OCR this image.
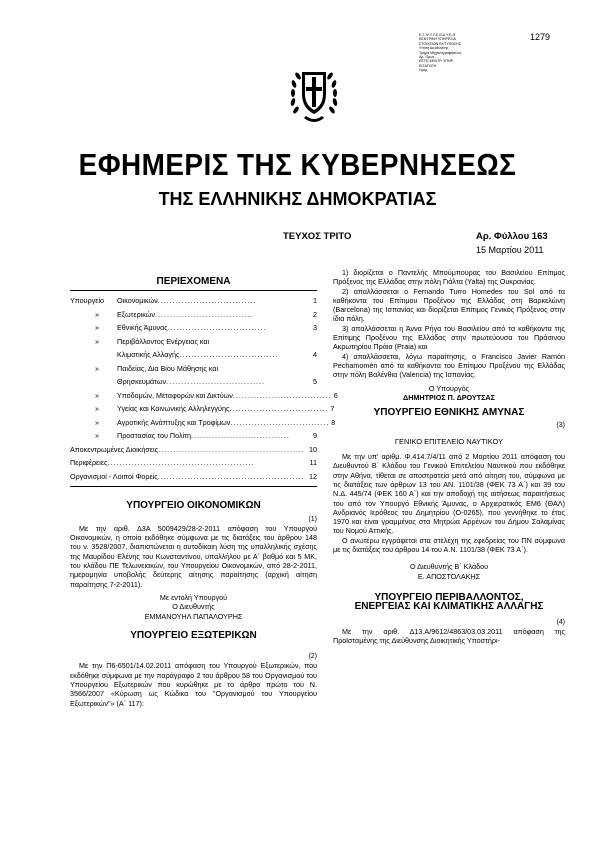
Ε.Ξ.Ψ.Υ.Υ.Ε.Θ.Α.Υ.Ε.Θ
ΚΕΝΤΡΙΚΗ ΥΠΗΡΕΣΙΑ
ΣΤΟΙΧΕΙΩΝ ΕΚΤΥΠΩΣΗΣ
Υπ/ση Διεύθυνσης
Τμήμα Μηχανογραφήσεως
Αρ. Πρωτ. ...
ΕΕΤΕ-ΚΕΝΤΡ. ΥΠΗΡ.
ΕΙΣΑΓΩΓΗ
Ημερ.
1279
ΕΦΗΜΕΡΙΣ ΤΗΣ ΚΥΒΕΡΝΗΣΕΩΣ
ΤΗΣ ΕΛΛΗΝΙΚΗΣ ΔΗΜΟΚΡΑΤΙΑΣ
ΤΕΥΧΟΣ ΤΡΙΤΟ	Αρ. Φύλλου 163
15 Μαρτίου 2011
ΠΕΡΙΕΧΟΜΕΝΑ
Υπουργείο	Οικονομικών .................................	1
»	Εξωτερικών .................................	2
»	Εθνικής Άμυνας .................................	3
»	Περιβάλλοντος Ενέργειας και
Κλιματικής Αλλαγής .................................	4
»	Παιδείας, Δια Βίου Μάθησης και
Θρησκευμάτων .................................	5
»	Υποδομών, Μεταφορών και Δικτύων ................................. 6
»	Υγείας και Κοινωνικής Αλληλεγγύης ................................. 7
»	Αγροτικής Ανάπτυξης και Τροφίμων ................................. 8
»	Προστασίας του Πολίτη .................................	9
Αποκεντρωμένες Διοικήσεις ................................................. 10
Περιφέρειες .................................................	11
Οργανισμοί - Λοιποί Φορείς ................................................. 12
ΥΠΟΥΡΓΕΙΟ ΟΙΚΟΝΟΜΙΚΩΝ
(1)

Με την αριθ. Δ3Α 5009429/28-2-2011 απόφαση του Υπουργού Οικονομικών, η οποία εκδόθηκε σύμφωνα με τις διατάξεις του άρθρου 148 του ν. 3528/2007, διαπιστώνεται η αυτοδίκαιη λύση της υπαλληλικής σχέσης της Μαυρίδου Ελένης του Κωνσταντίνου, υπαλλήλου με Α΄ βαθμό και 5 ΜΚ, του κλάδου ΠΕ Τελωνειακών, του Υπουργείου Οικονομικών, από 28-2-2011, ημερομηνία υποβολής δεύτερης αίτησης παραίτησης (αρχική αίτηση παραίτησης 7-2-2011).

Με εντολή Υπουργού
Ο Διευθυντής
ΕΜΜΑΝΟΥΗΛ ΠΑΠΑΛΟΥΡΗΣ
ΥΠΟΥΡΓΕΙΟ ΕΞΩΤΕΡΙΚΩΝ
(2)

Με την Π6-6501/14.02.2011 απόφαση του Υπουργού Εξωτερικών, που εκδόθηκε σύμφωνα με την παράγραφο 2 του άρθρου 58 του Οργανισμού του Υπουργείου Εξωτερικών που κυρώθηκε με το άρθρο πρώτο του Ν. 3566/2007 «Κύρωση ως Κώδικα του "Οργανισμού του Υπουργείου Εξωτερικών"» (Α΄ 117):

1) διορίζεται ο Παντελής Μπούμπουρας του Βασιλείου Επίτιμος Πρόξενος της Ελλάδας στην πόλη Γιάλτα (Yalta) της Ουκρανίας.

2) απαλλάσσεται ο Fernando Turro Homedes του Sol από τα καθήκοντα του Επίτιμου Προξένου της Ελλάδας στη Βαρκελώνη (Barcelona) της Ισπανίας και διορίζεται Επίτιμος Γενικός Πρόξενος στην ίδια πόλη.

3) απαλλάσσεται η Άννα Ρήγα του Βασιλείου από τα καθήκοντα της Επίτιμης Προξένου της Ελλάδας στην πρωτεύουσα του Πράσινου Ακρωτηρίου Πράια (Praia) και

4) απαλλάσσεται, λόγω παραίτησης, ο Francisco Javier Ramón Pechamomén από τα καθήκοντα του Επίτιμου Προξένου της Ελλάδας στην πόλη Βαλένθια (Valencia) της Ισπανίας.

Ο Υπουργός
ΔΗΜΗΤΡΙΟΣ Π. ΔΡΟΥΤΣΑΣ
ΥΠΟΥΡΓΕΙΟ ΕΘΝΙΚΗΣ ΑΜΥΝΑΣ
(3)
ΓΕΝΙΚΟ ΕΠΙΤΕΛΕΙΟ ΝΑΥΤΙΚΟΥ

Με την υπ' αριθμ. Φ.414.7/4/11 από 2 Μαρτίου 2011 απόφαση του Διευθυντού Β΄ Κλάδου του Γενικού Επιτελείου Ναυτικού που εκδόθηκε στην Αθήνα, τίθεται σε αποστρατεία μετά από αίτηση του, σύμφωνα με τις διατάξεις των άρθρων 13 του ΑΝ. 1101/38 (ΦΕΚ 73 Α΄) και 39 του Ν.Δ. 445/74 (ΦΕΚ 160 Α΄) και την αποδοχή της αιτήσεως παραιτήσεως του από τον Υπουργό Εθνικής Άμυνας, ο Αρχιερατικός ΕΜ6 (ΘΑΛ) Ανδριανός Ιερόθεος του Δημητρίου (Ο-0265), που γεννήθηκε το έτος 1970 και είναι γραμμένος στα Μητρώα Αρρένων του Δήμου Σαλαμίνας του Νομού Αττικής.

Ο ανωτέρω εγγράφεται στα στελέχη της εφεδρείας του ΠΝ σύμφωνα με τις διατάξεις του άρθρου 14 του Α.Ν. 1101/38 (ΦΕΚ 73 Α΄).

Ο Διευθυντής Β΄ Κλάδου
Ε. ΑΠΟΣΤΟΛΑΚΗΣ
ΥΠΟΥΡΓΕΙΟ ΠΕΡΙΒΑΛΛΟΝΤΟΣ,
ΕΝΕΡΓΕΙΑΣ ΚΑΙ ΚΛΙΜΑΤΙΚΗΣ ΑΛΛΑΓΗΣ
(4)

Με την αριθ. Δ13.Α/9612/4863/03.03.2011 απόφαση της Προϊσταμένης της Διεύθυνσης Διοικητικής Υποστήρι-
